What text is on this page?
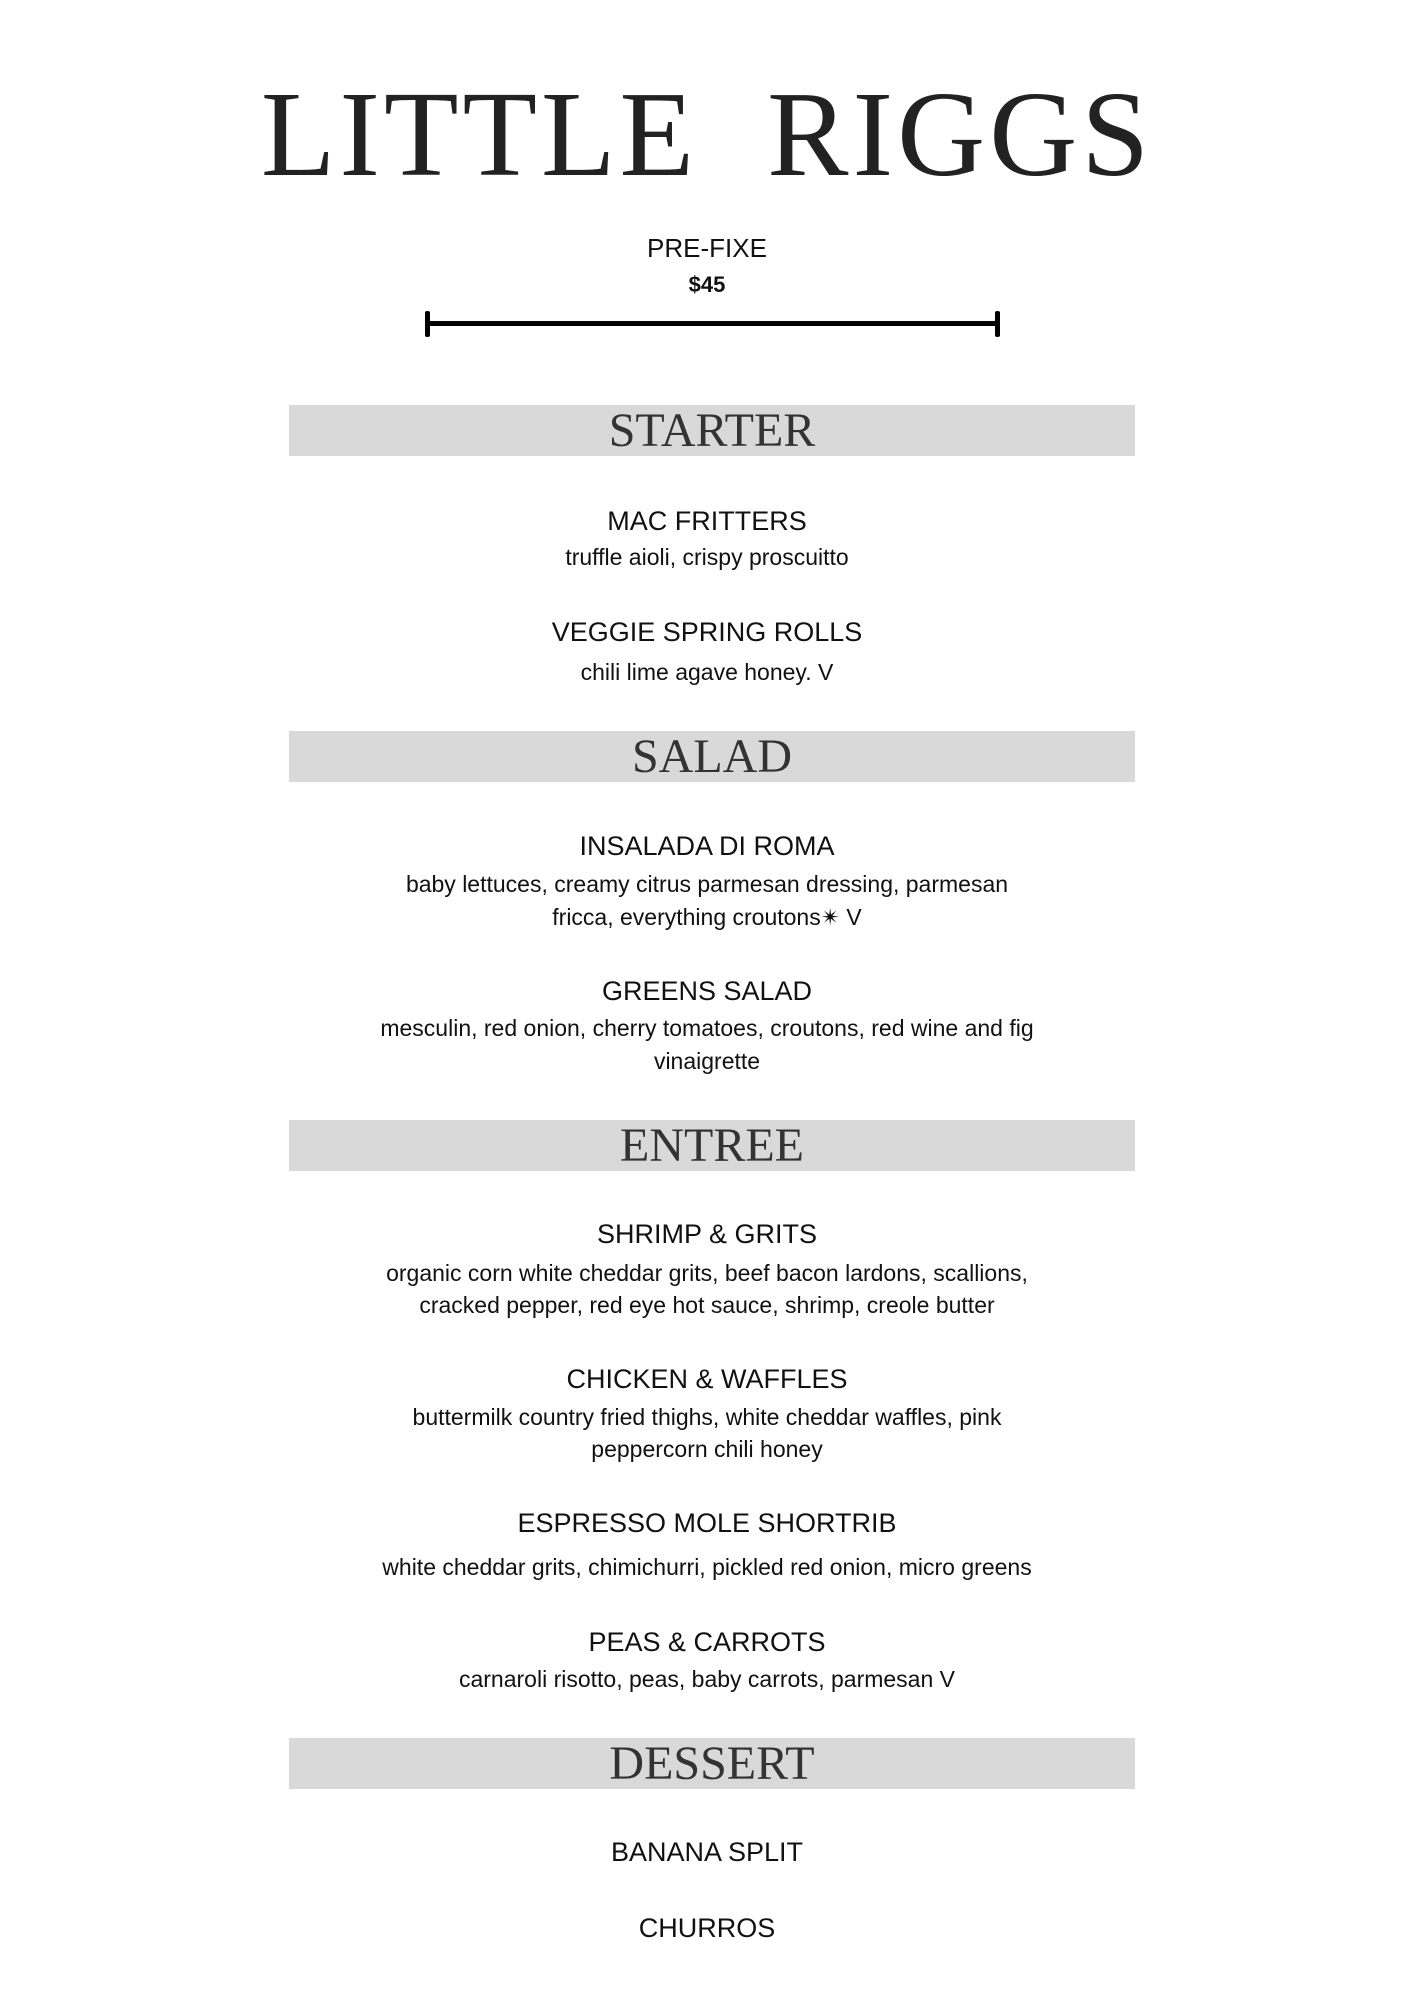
LITTLE  RIGGS
PRE-FIXE
$45
STARTER
MAC FRITTERS
truffle aioli, crispy proscuitto
VEGGIE SPRING ROLLS
chili lime agave honey. V
SALAD
INSALADA DI ROMA
baby lettuces, creamy citrus parmesan dressing, parmesan
fricca, everything croutons✴ V
GREENS SALAD
mesculin, red onion, cherry tomatoes, croutons, red wine and fig
vinaigrette
ENTREE
SHRIMP & GRITS
organic corn white cheddar grits, beef bacon lardons, scallions,
cracked pepper, red eye hot sauce, shrimp, creole butter
CHICKEN & WAFFLES
buttermilk country fried thighs, white cheddar waffles, pink
peppercorn chili honey
ESPRESSO MOLE SHORTRIB
white cheddar grits, chimichurri, pickled red onion, micro greens
PEAS & CARROTS
carnaroli risotto, peas, baby carrots, parmesan V
DESSERT
BANANA SPLIT
CHURROS
